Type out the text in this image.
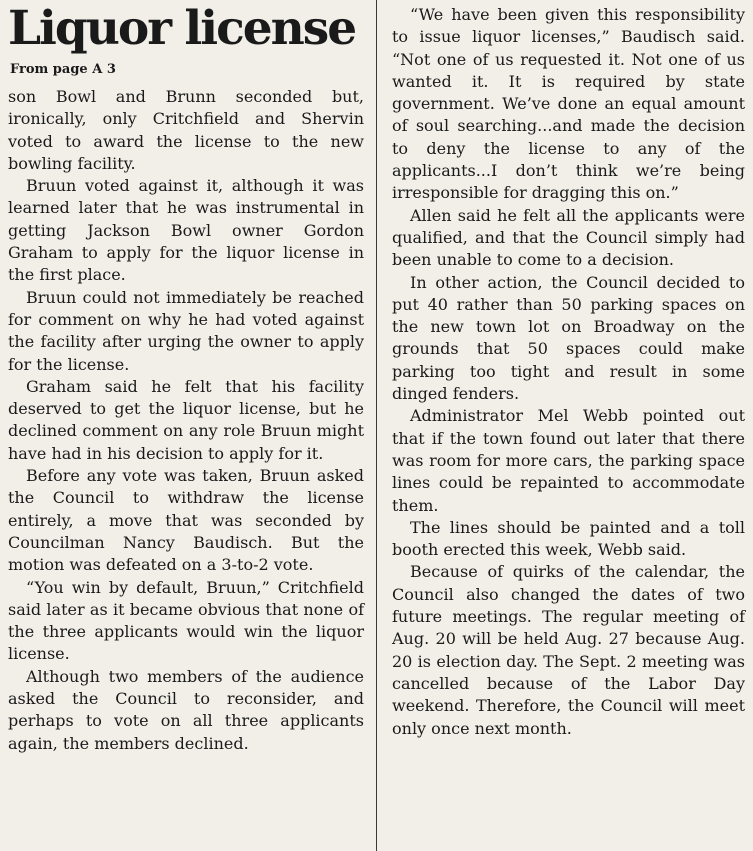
Liquor license
From page A 3

son Bowl and Brunn seconded but, ironically, only Critchfield and Shervin voted to award the license to the new bowling facility.

Bruun voted against it, although it was learned later that he was instrumental in getting Jackson Bowl owner Gordon Graham to apply for the liquor license in the first place.

Bruun could not immediately be reached for comment on why he had voted against the facility after urging the owner to apply for the license.

Graham said he felt that his facility deserved to get the liquor license, but he declined comment on any role Bruun might have had in his decision to apply for it.

Before any vote was taken, Bruun asked the Council to withdraw the license entirely, a move that was seconded by Councilman Nancy Baudisch. But the motion was defeated on a 3-to-2 vote.

“You win by default, Bruun,” Critchfield said later as it became obvious that none of the three applicants would win the liquor license.

Although two members of the audience asked the Council to reconsider, and perhaps to vote on all three applicants again, the members declined.

“We have been given this responsibility to issue liquor licenses,” Baudisch said. “Not one of us requested it. Not one of us wanted it. It is required by state government. We’ve done an equal amount of soul searching...and made the decision to deny the license to any of the applicants...I don’t think we’re being irresponsible for dragging this on.”

Allen said he felt all the applicants were qualified, and that the Council simply had been unable to come to a decision.

In other action, the Council decided to put 40 rather than 50 parking spaces on the new town lot on Broadway on the grounds that 50 spaces could make parking too tight and result in some dinged fenders.

Administrator Mel Webb pointed out that if the town found out later that there was room for more cars, the parking space lines could be repainted to accommodate them.

The lines should be painted and a toll booth erected this week, Webb said.

Because of quirks of the calendar, the Council also changed the dates of two future meetings. The regular meeting of Aug. 20 will be held Aug. 27 because Aug. 20 is election day. The Sept. 2 meeting was cancelled because of the Labor Day weekend. Therefore, the Council will meet only once next month.
